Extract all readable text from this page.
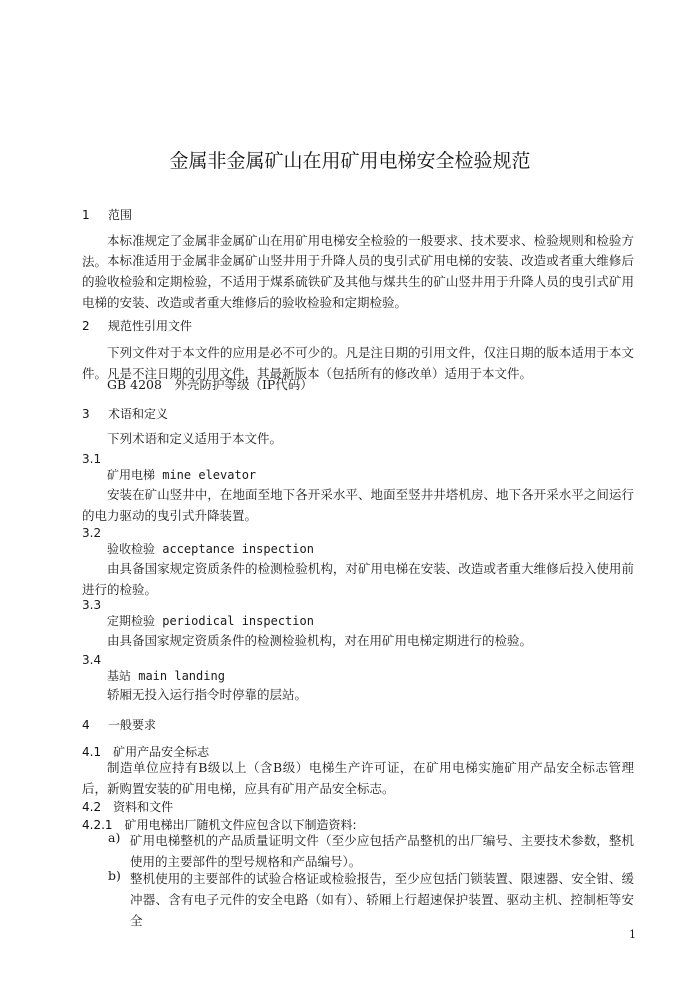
金属非金属矿山在用矿用电梯安全检验规范
1 范围
本标准规定了金属非金属矿山在用矿用电梯安全检验的一般要求、技术要求、检验规则和检验方法。 本标准适用于金属非金属矿山竖井用于升降人员的曳引式矿用电梯的安装、改造或者重大维修后的验收检验和定期检验，不适用于煤系硫铁矿及其他与煤共生的矿山竖井用于升降人员的曳引式矿用电梯的安装、改造或者重大维修后的验收检验和定期检验。
2 规范性引用文件
下列文件对于本文件的应用是必不可少的。凡是注日期的引用文件，仅注日期的版本适用于本文件。凡是不注日期的引用文件，其最新版本（包括所有的修改单）适用于本文件。
GB 4208　外壳防护等级（IP代码）
3 术语和定义
下列术语和定义适用于本文件。
3.1
矿用电梯 mine elevator
安装在矿山竖井中，在地面至地下各开采水平、地面至竖井井塔机房、地下各开采水平之间运行的电力驱动的曳引式升降装置。
3.2
验收检验 acceptance inspection
由具备国家规定资质条件的检测检验机构，对矿用电梯在安装、改造或者重大维修后投入使用前进行的检验。
3.3
定期检验 periodical inspection
由具备国家规定资质条件的检测检验机构，对在用矿用电梯定期进行的检验。
3.4
基站 main landing
轿厢无投入运行指令时停靠的层站。
4 一般要求
4.1 矿用产品安全标志
制造单位应持有B级以上（含B级）电梯生产许可证，在矿用电梯实施矿用产品安全标志管理后，新购置安装的矿用电梯，应具有矿用产品安全标志。
4.2 资料和文件
4.2.1 矿用电梯出厂随机文件应包含以下制造资料:
a) 矿用电梯整机的产品质量证明文件（至少应包括产品整机的出厂编号、主要技术参数，整机使用的主要部件的型号规格和产品编号）。
b) 整机使用的主要部件的试验合格证或检验报告，至少应包括门锁装置、限速器、安全钳、缓冲器、含有电子元件的安全电路（如有）、轿厢上行超速保护装置、驱动主机、控制柜等安全
1
